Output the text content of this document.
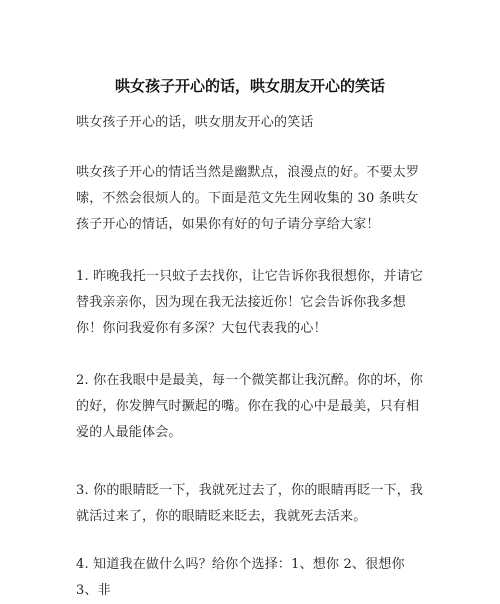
哄女孩子开心的话，哄女朋友开心的笑话

哄女孩子开心的话，哄女朋友开心的笑话

哄女孩子开心的情话当然是幽默点，浪漫点的好。不要太罗嗦，不然会很烦人的。下面是范文先生网收集的 30 条哄女孩子开心的情话，如果你有好的句子请分享给大家！

1. 昨晚我托一只蚊子去找你，让它告诉你我很想你，并请它替我亲亲你，因为现在我无法接近你！它会告诉你我多想你！你问我爱你有多深？大包代表我的心！

2. 你在我眼中是最美，每一个微笑都让我沉醉。你的坏，你的好，你发脾气时撅起的嘴。你在我的心中是最美，只有相爱的人最能体会。

3. 你的眼睛眨一下，我就死过去了，你的眼睛再眨一下，我就活过来了，你的眼睛眨来眨去，我就死去活来。

4. 知道我在做什么吗？给你个选择：1、想你 2、很想你 3、非
